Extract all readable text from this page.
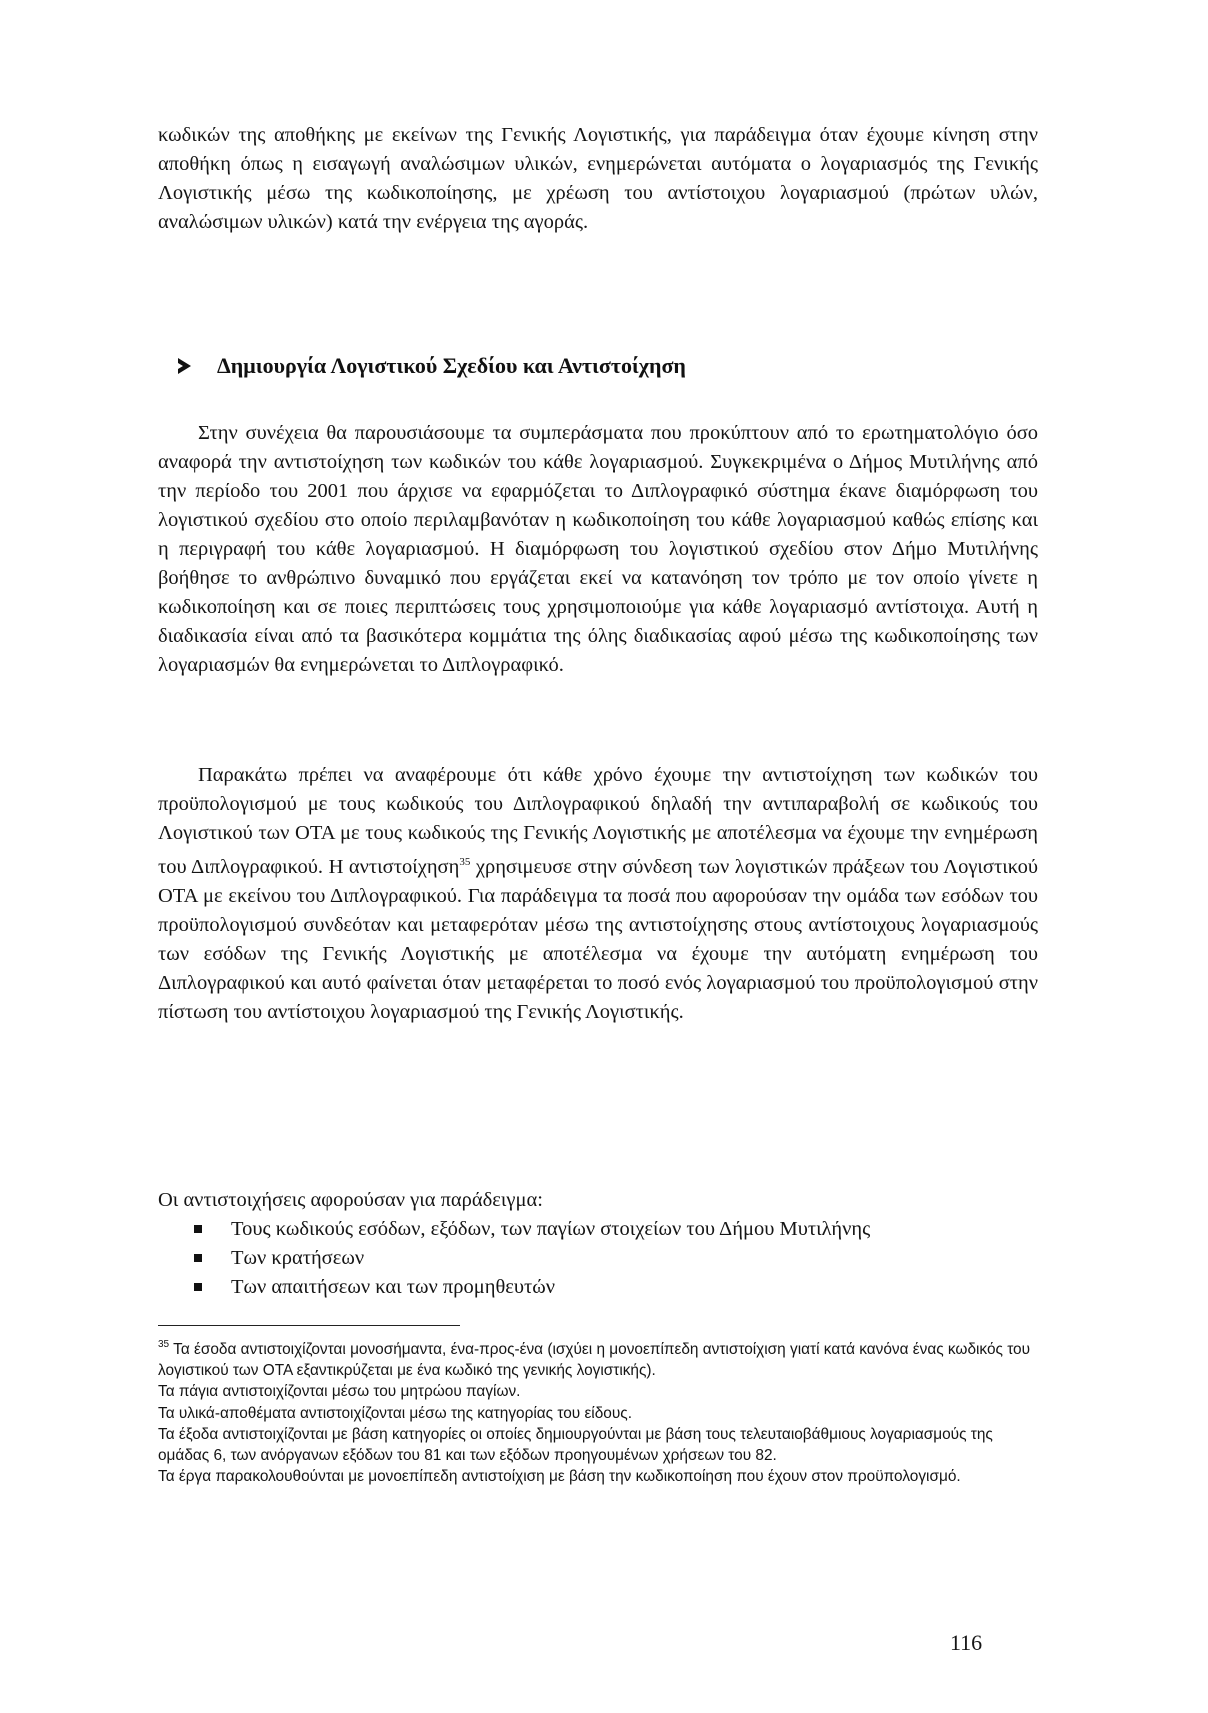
κωδικών της αποθήκης με εκείνων της Γενικής Λογιστικής, για παράδειγμα όταν έχουμε κίνηση στην αποθήκη όπως η εισαγωγή αναλώσιμων υλικών, ενημερώνεται αυτόματα ο λογαριασμός της Γενικής Λογιστικής μέσω της κωδικοποίησης, με χρέωση του αντίστοιχου λογαριασμού (πρώτων υλών, αναλώσιμων υλικών) κατά την ενέργεια της αγοράς.

Δημιουργία Λογιστικού Σχεδίου και Αντιστοίχηση

Στην συνέχεια θα παρουσιάσουμε τα συμπεράσματα που προκύπτουν από το ερωτηματολόγιο όσο αναφορά την αντιστοίχηση των κωδικών του κάθε λογαριασμού. Συγκεκριμένα ο Δήμος Μυτιλήνης από την περίοδο του 2001 που άρχισε να εφαρμόζεται το Διπλογραφικό σύστημα έκανε διαμόρφωση του λογιστικού σχεδίου στο οποίο περιλαμβανόταν η κωδικοποίηση του κάθε λογαριασμού καθώς επίσης και η περιγραφή του κάθε λογαριασμού. Η διαμόρφωση του λογιστικού σχεδίου στον Δήμο Μυτιλήνης βοήθησε το ανθρώπινο δυναμικό που εργάζεται εκεί να κατανόηση τον τρόπο με τον οποίο γίνετε η κωδικοποίηση και σε ποιες περιπτώσεις τους χρησιμοποιούμε για κάθε λογαριασμό αντίστοιχα. Αυτή η διαδικασία είναι από τα βασικότερα κομμάτια της όλης διαδικασίας αφού μέσω της κωδικοποίησης των λογαριασμών θα ενημερώνεται το Διπλογραφικό.

Παρακάτω πρέπει να αναφέρουμε ότι κάθε χρόνο έχουμε την αντιστοίχηση των κωδικών του προϋπολογισμού με τους κωδικούς του Διπλογραφικού δηλαδή την αντιπαραβολή σε κωδικούς του Λογιστικού των ΟΤΑ με τους κωδικούς της Γενικής Λογιστικής με αποτέλεσμα να έχουμε την ενημέρωση του Διπλογραφικού. Η αντιστοίχηση$^{35}$ χρησιμευσε στην σύνδεση των λογιστικών πράξεων του Λογιστικού ΟΤΑ με εκείνου του Διπλογραφικού. Για παράδειγμα τα ποσά που αφορούσαν την ομάδα των εσόδων του προϋπολογισμού συνδεόταν και μεταφερόταν μέσω της αντιστοίχησης στους αντίστοιχους λογαριασμούς των εσόδων της Γενικής Λογιστικής με αποτέλεσμα να έχουμε την αυτόματη ενημέρωση του Διπλογραφικού και αυτό φαίνεται όταν μεταφέρεται το ποσό ενός λογαριασμού του προϋπολογισμού στην πίστωση του αντίστοιχου λογαριασμού της Γενικής Λογιστικής.

Οι αντιστοιχήσεις αφορούσαν για παράδειγμα:

Τους κωδικούς εσόδων, εξόδων, των παγίων στοιχείων του Δήμου Μυτιλήνης
Των κρατήσεων
Των απαιτήσεων και των προμηθευτών

$^{35}$ Τα έσοδα αντιστοιχίζονται μονοσήμαντα, ένα-προς-ένα (ισχύει η μονοεπίπεδη αντιστοίχιση γιατί κατά κανόνα ένας κωδικός του λογιστικού των ΟΤΑ εξαντικρύζεται με ένα κωδικό της γενικής λογιστικής).

Τα πάγια αντιστοιχίζονται μέσω του μητρώου παγίων.

Τα υλικά-αποθέματα αντιστοιχίζονται μέσω της κατηγορίας του είδους.

Τα έξοδα αντιστοιχίζονται με βάση κατηγορίες οι οποίες δημιουργούνται με βάση τους τελευταιοβάθμιους λογαριασμούς της ομάδας 6, των ανόργανων εξόδων του 81 και των εξόδων προηγουμένων χρήσεων του 82.

Τα έργα παρακολουθούνται με μονοεπίπεδη αντιστοίχιση με βάση την κωδικοποίηση που έχουν στον προϋπολογισμό.

116
